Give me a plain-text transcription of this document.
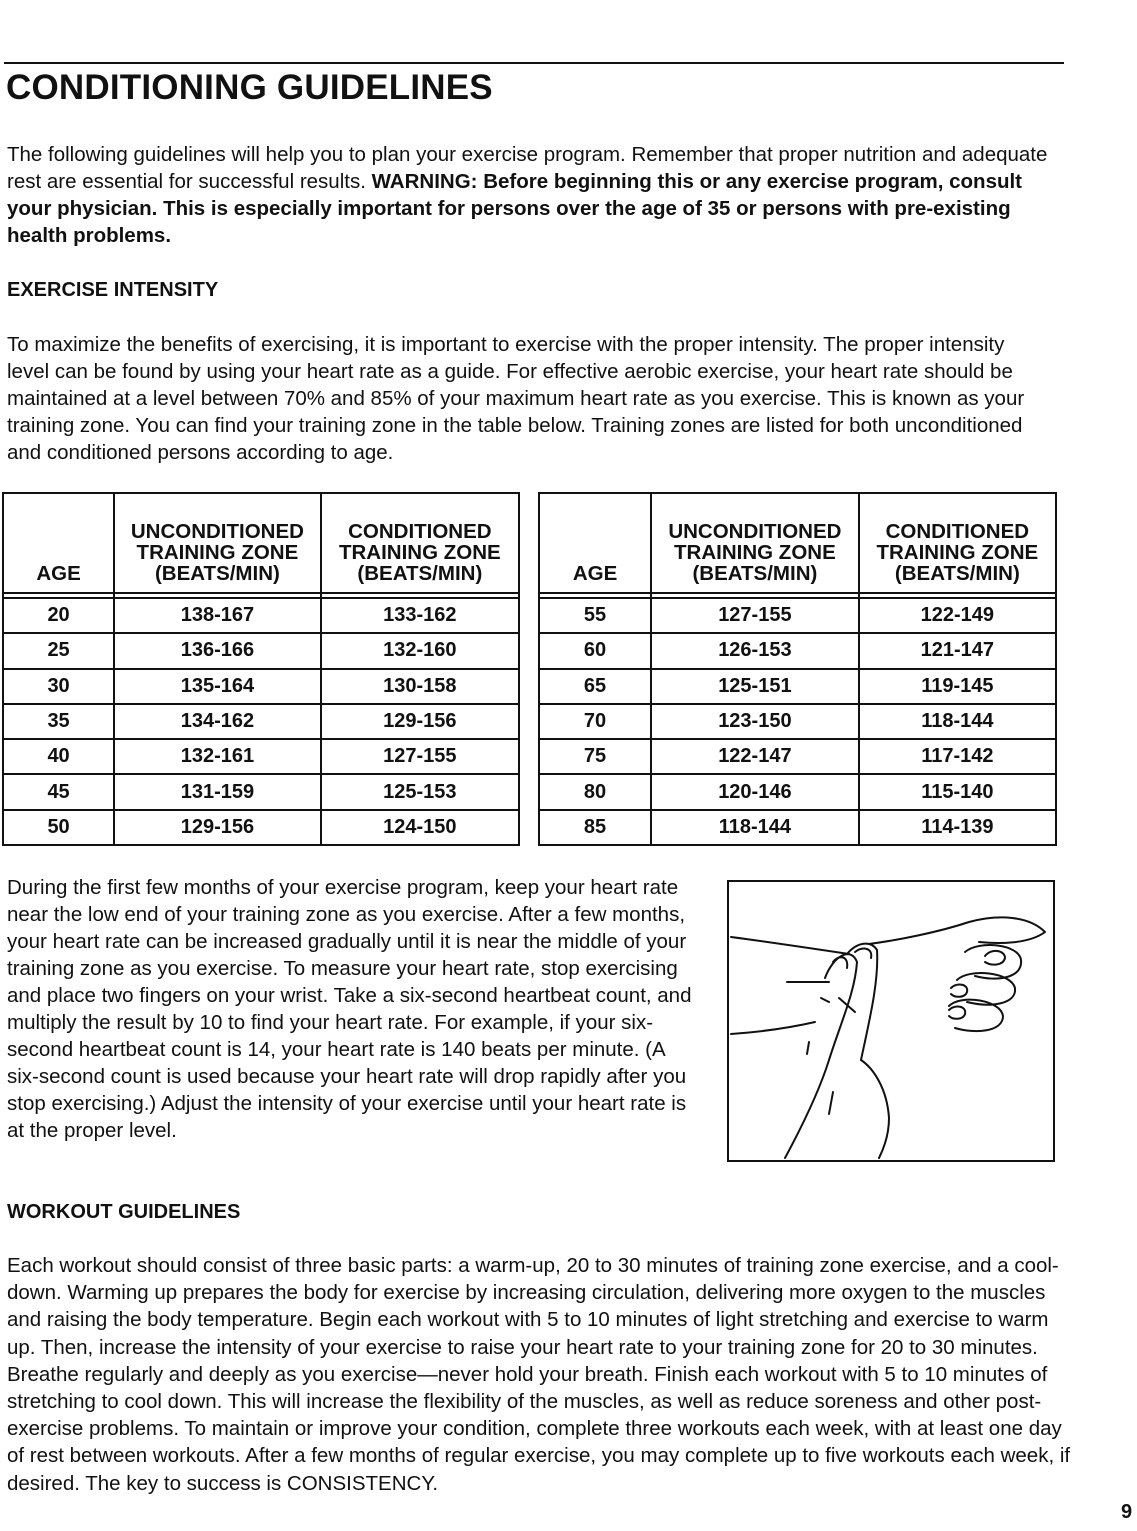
CONDITIONING GUIDELINES

The following guidelines will help you to plan your exercise program. Remember that proper nutrition and adequate rest are essential for successful results. WARNING: Before beginning this or any exercise program, consult your physician. This is especially important for persons over the age of 35 or persons with pre-existing health problems.

EXERCISE INTENSITY

To maximize the benefits of exercising, it is important to exercise with the proper intensity. The proper intensity level can be found by using your heart rate as a guide. For effective aerobic exercise, your heart rate should be maintained at a level between 70% and 85% of your maximum heart rate as you exercise. This is known as your training zone. You can find your training zone in the table below. Training zones are listed for both unconditioned and conditioned persons according to age.

AGE	UNCONDITIONED TRAINING ZONE (BEATS/MIN)	CONDITIONED TRAINING ZONE (BEATS/MIN)

20	138-167	133-162
25	136-166	132-160
30	135-164	130-158
35	134-162	129-156
40	132-161	127-155
45	131-159	125-153
50	129-156	124-150
AGE	UNCONDITIONED TRAINING ZONE (BEATS/MIN)	CONDITIONED TRAINING ZONE (BEATS/MIN)

55	127-155	122-149
60	126-153	121-147
65	125-151	119-145
70	123-150	118-144
75	122-147	117-142
80	120-146	115-140
85	118-144	114-139

During the first few months of your exercise program, keep your heart rate near the low end of your training zone as you exercise. After a few months, your heart rate can be increased gradually until it is near the middle of your training zone as you exercise. To measure your heart rate, stop exercising and place two fingers on your wrist. Take a six-second heartbeat count, and multiply the result by 10 to find your heart rate. For example, if your six-second heartbeat count is 14, your heart rate is 140 beats per minute. (A six-second count is used because your heart rate will drop rapidly after you stop exercising.) Adjust the intensity of your exercise until your heart rate is at the proper level.

WORKOUT GUIDELINES

Each workout should consist of three basic parts: a warm-up, 20 to 30 minutes of training zone exercise, and a cool-down. Warming up prepares the body for exercise by increasing circulation, delivering more oxygen to the muscles and raising the body temperature. Begin each workout with 5 to 10 minutes of light stretching and exercise to warm up. Then, increase the intensity of your exercise to raise your heart rate to your training zone for 20 to 30 minutes. Breathe regularly and deeply as you exercise—never hold your breath. Finish each workout with 5 to 10 minutes of stretching to cool down. This will increase the flexibility of the muscles, as well as reduce soreness and other post-exercise problems. To maintain or improve your condition, complete three workouts each week, with at least one day of rest between workouts. After a few months of regular exercise, you may complete up to five workouts each week, if desired. The key to success is CONSISTENCY.

9
